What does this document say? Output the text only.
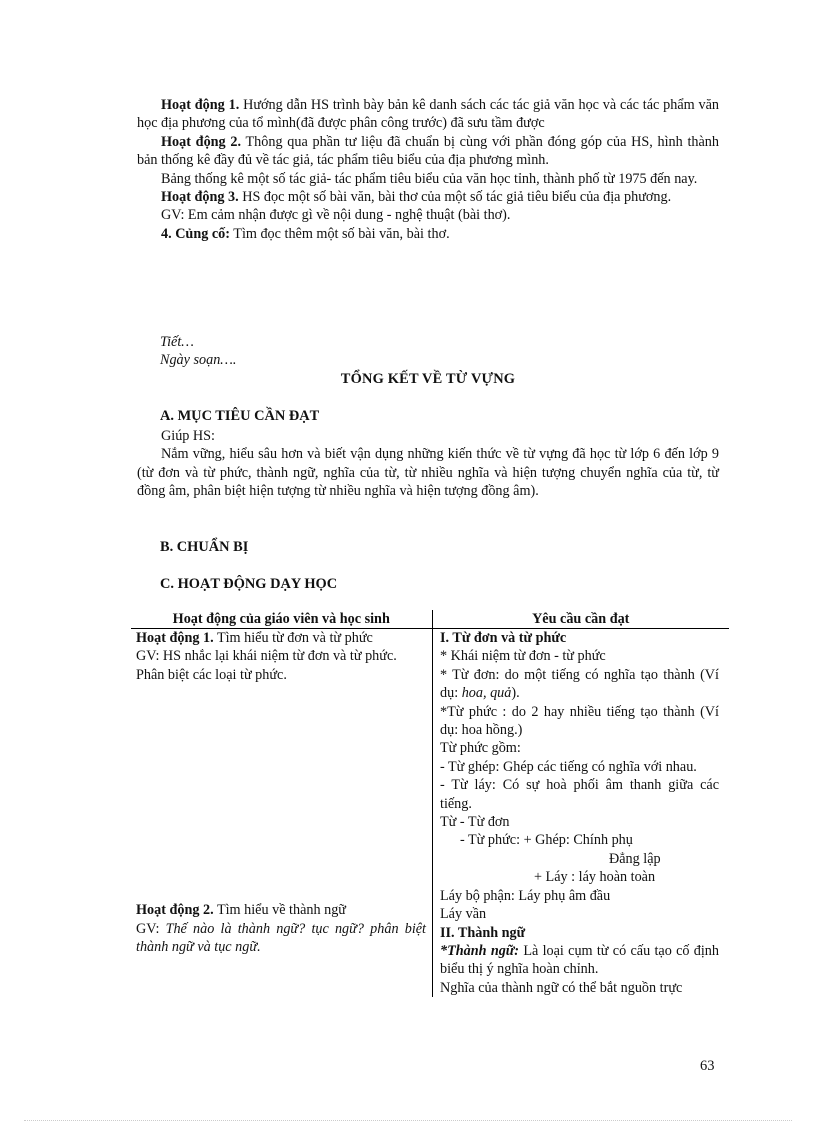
Hoạt động 1. Hướng dẫn HS trình bày bản kê danh sách các tác giả văn học và các tác phẩm văn học địa phương của tổ mình(đã được phân công trước) đã sưu tầm được

Hoạt động 2. Thông qua phần tư liệu đã chuẩn bị cùng với phần đóng góp của HS, hình thành bản thống kê đầy đủ về tác giả, tác phẩm tiêu biểu của địa phương mình.

Bảng thống kê một số tác giả- tác phẩm tiêu biểu của văn học tỉnh, thành phố từ 1975 đến nay.

Hoạt động 3. HS đọc một số bài văn, bài thơ của một số tác giả tiêu biểu của địa phương.

GV: Em cảm nhận được gì về nội dung - nghệ thuật (bài thơ).

4. Củng cố: Tìm đọc thêm một số bài văn, bài thơ.

Tiết…
Ngày soạn….
TỔNG KẾT VỀ TỪ VỰNG
A. MỤC TIÊU CẦN ĐẠT

Giúp HS:

Nắm vững, hiểu sâu hơn và biết vận dụng những kiến thức về từ vựng đã học từ lớp 6 đến lớp 9 (từ đơn và từ phức, thành ngữ, nghĩa của từ, từ nhiều nghĩa và hiện tượng chuyển nghĩa của từ, từ đồng âm, phân biệt hiện tượng từ nhiều nghĩa và hiện tượng đồng âm).

B. CHUẨN BỊ
C. HOẠT ĐỘNG DẠY HỌC
Hoạt động của giáo viên và học sinh	Yêu cầu cần đạt
Hoạt động 1. Tìm hiểu từ đơn và từ phức
GV: HS nhắc lại khái niệm từ đơn và từ phức.
Phân biệt các loại từ phức.
Hoạt động 2. Tìm hiểu về thành ngữ
GV: Thế nào là thành ngữ? tục ngữ? phân biệt thành ngữ và tục ngữ.
I. Từ đơn và từ phức
* Khái niệm từ đơn - từ phức
* Từ đơn: do một tiếng có nghĩa tạo thành (Ví dụ: hoa, quả).
*Từ phức : do 2 hay nhiều tiếng tạo thành (Ví dụ: hoa hồng.)
Từ phức gồm:
- Từ ghép: Ghép các tiếng có nghĩa với nhau.
- Từ láy: Có sự hoà phối âm thanh giữa các tiếng.
Từ - Từ đơn
- Từ phức: + Ghép: Chính phụ
Đẳng lập
+ Láy : láy hoàn toàn
Láy bộ phận: Láy phụ âm đầu
Láy vần
II. Thành ngữ
*Thành ngữ: Là loại cụm từ có cấu tạo cố định biểu thị ý nghĩa hoàn chỉnh.
Nghĩa của thành ngữ có thể bắt nguồn trực
63
